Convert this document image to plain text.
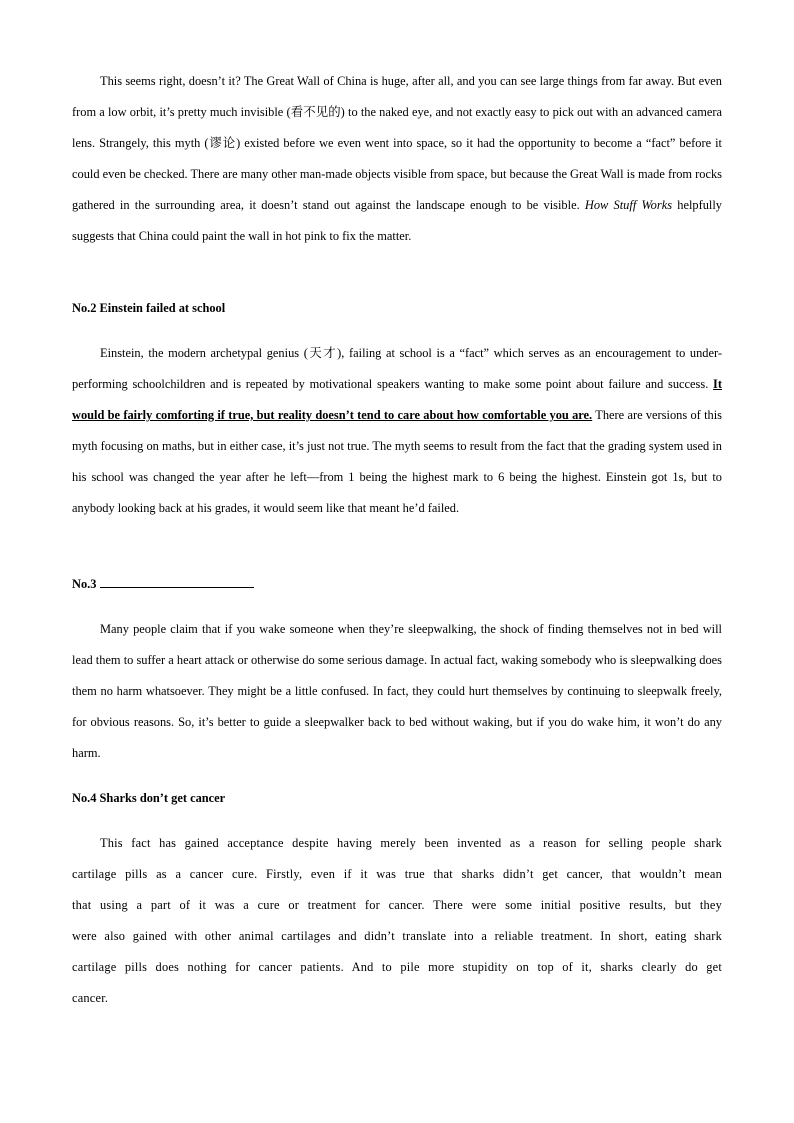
This seems right, doesn’t it? The Great Wall of China is huge, after all, and you can see large things from far away. But even from a low orbit, it’s pretty much invisible (看不见的) to the naked eye, and not exactly easy to pick out with an advanced camera lens. Strangely, this myth (谬论) existed before we even went into space, so it had the opportunity to become a “fact” before it could even be checked. There are many other man-made objects visible from space, but because the Great Wall is made from rocks gathered in the surrounding area, it doesn’t stand out against the landscape enough to be visible. How Stuff Works helpfully suggests that China could paint the wall in hot pink to fix the matter.

No.2 Einstein failed at school

Einstein, the modern archetypal genius (天才), failing at school is a “fact” which serves as an encouragement to under-performing schoolchildren and is repeated by motivational speakers wanting to make some point about failure and success. It would be fairly comforting if true, but reality doesn’t tend to care about how comfortable you are. There are versions of this myth focusing on maths, but in either case, it’s just not true. The myth seems to result from the fact that the grading system used in his school was changed the year after he left—from 1 being the highest mark to 6 being the highest. Einstein got 1s, but to anybody looking back at his grades, it would seem like that meant he’d failed.

No.3

Many people claim that if you wake someone when they’re sleepwalking, the shock of finding themselves not in bed will lead them to suffer a heart attack or otherwise do some serious damage. In actual fact, waking somebody who is sleepwalking does them no harm whatsoever. They might be a little confused. In fact, they could hurt themselves by continuing to sleepwalk freely, for obvious reasons. So, it’s better to guide a sleepwalker back to bed without waking, but if you do wake him, it won’t do any harm.

No.4 Sharks don’t get cancer

This fact has gained acceptance despite having merely been invented as a reason for selling people shark cartilage pills as a cancer cure. Firstly, even if it was true that sharks didn’t get cancer, that wouldn’t mean that using a part of it was a cure or treatment for cancer. There were some initial positive results, but they were also gained with other animal cartilages and didn’t translate into a reliable treatment. In short, eating shark cartilage pills does nothing for cancer patients. And to pile more stupidity on top of it, sharks clearly do get cancer.
